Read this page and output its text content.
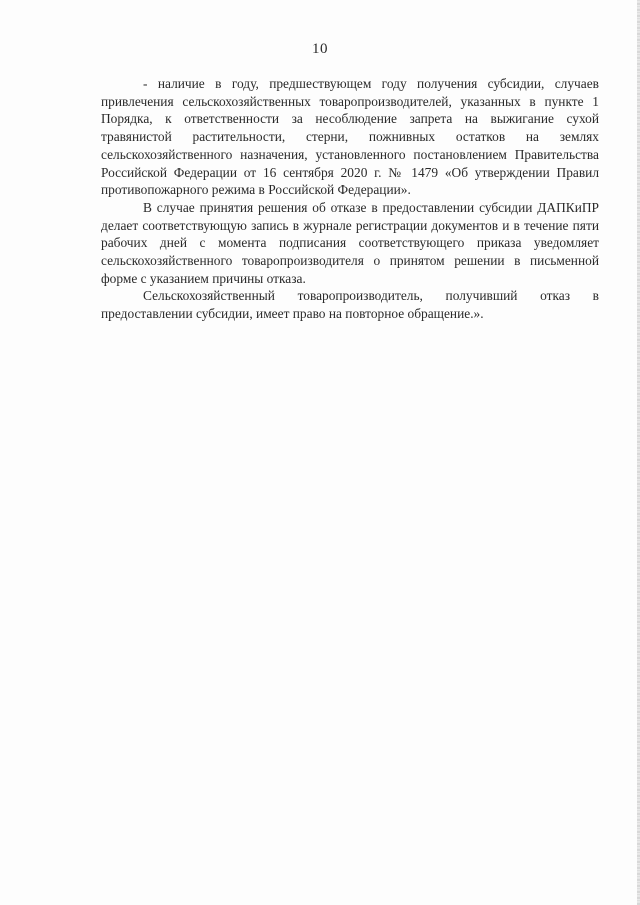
10

- наличие в году, предшествующем году получения субсидии, случаев привлечения сельскохозяйственных товаропроизводителей, указанных в пункте 1 Порядка, к ответственности за несоблюдение запрета на выжигание сухой травянистой растительности, стерни, пожнивных остатков на землях сельскохозяйственного назначения, установленного постановлением Правительства Российской Федерации от 16 сентября 2020 г. № 1479 «Об утверждении Правил противопожарного режима в Российской Федерации».

В случае принятия решения об отказе в предоставлении субсидии ДАПКиПР делает соответствующую запись в журнале регистрации документов и в течение пяти рабочих дней с момента подписания соответствующего приказа уведомляет сельскохозяйственного товаропроизводителя о принятом решении в письменной форме с указанием причины отказа.

Сельскохозяйственный товаропроизводитель, получивший отказ в предоставлении субсидии, имеет право на повторное обращение.».
